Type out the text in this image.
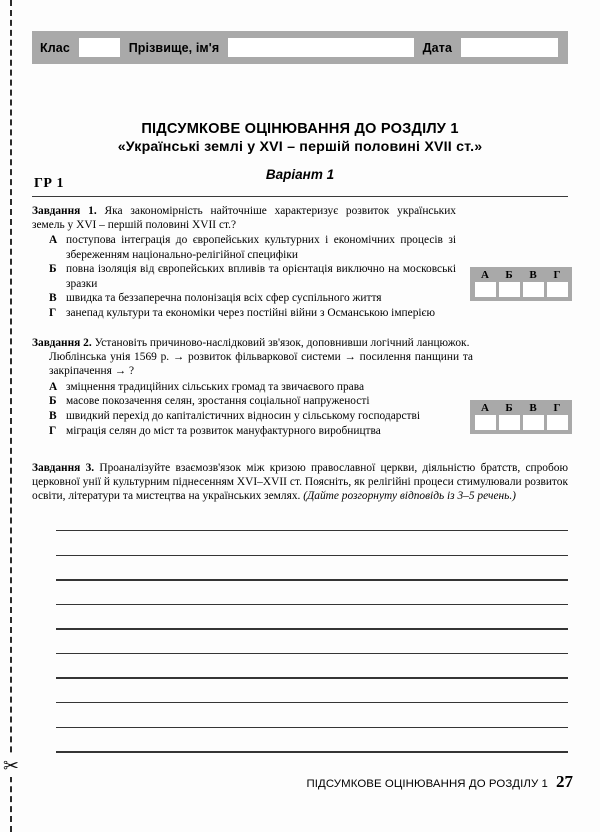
✂
Клас	Прізвище, ім'я	Дата
ПІДСУМКОВЕ ОЦІНЮВАННЯ ДО РОЗДІЛУ 1
«Українські землі у XVI – першій половині XVII ст.»
Варіант 1
ГР 1
Завдання 1. Яка закономірність найточніше характеризує розвиток українських земель у XVI – першій половині XVII ст.?
А поступова інтеграція до європейських культурних і економічних процесів зі збереженням національно-релігійної специфіки
Б повна ізоляція від європейських впливів та орієнтація виключно на московські зразки
В швидка та беззаперечна полонізація всіх сфер суспільного життя
Г занепад культури та економіки через постійні війни з Османською імперією
А	Б	В	Г
Завдання 2. Установіть причиново-наслідковий зв'язок, доповнивши логічний ланцюжок.
Люблінська унія 1569 р. → розвиток фільваркової системи → посилення панщини та закріпачення → ?
А зміцнення традиційних сільських громад та звичаєвого права
Б масове покозачення селян, зростання соціальної напруженості
В швидкий перехід до капіталістичних відносин у сільському господарстві
Г міграція селян до міст та розвиток мануфактурного виробництва
А	Б	В	Г
Завдання 3. Проаналізуйте взаємозв'язок між кризою православної церкви, діяльністю братств, спробою церковної унії й культурним піднесенням XVI–XVII ст. Поясніть, як релігійні процеси стимулювали розвиток освіти, літератури та мистецтва на українських землях. (Дайте розгорнуту відповідь із 3–5 речень.)
ПІДСУМКОВЕ ОЦІНЮВАННЯ ДО РОЗДІЛУ 1 27
